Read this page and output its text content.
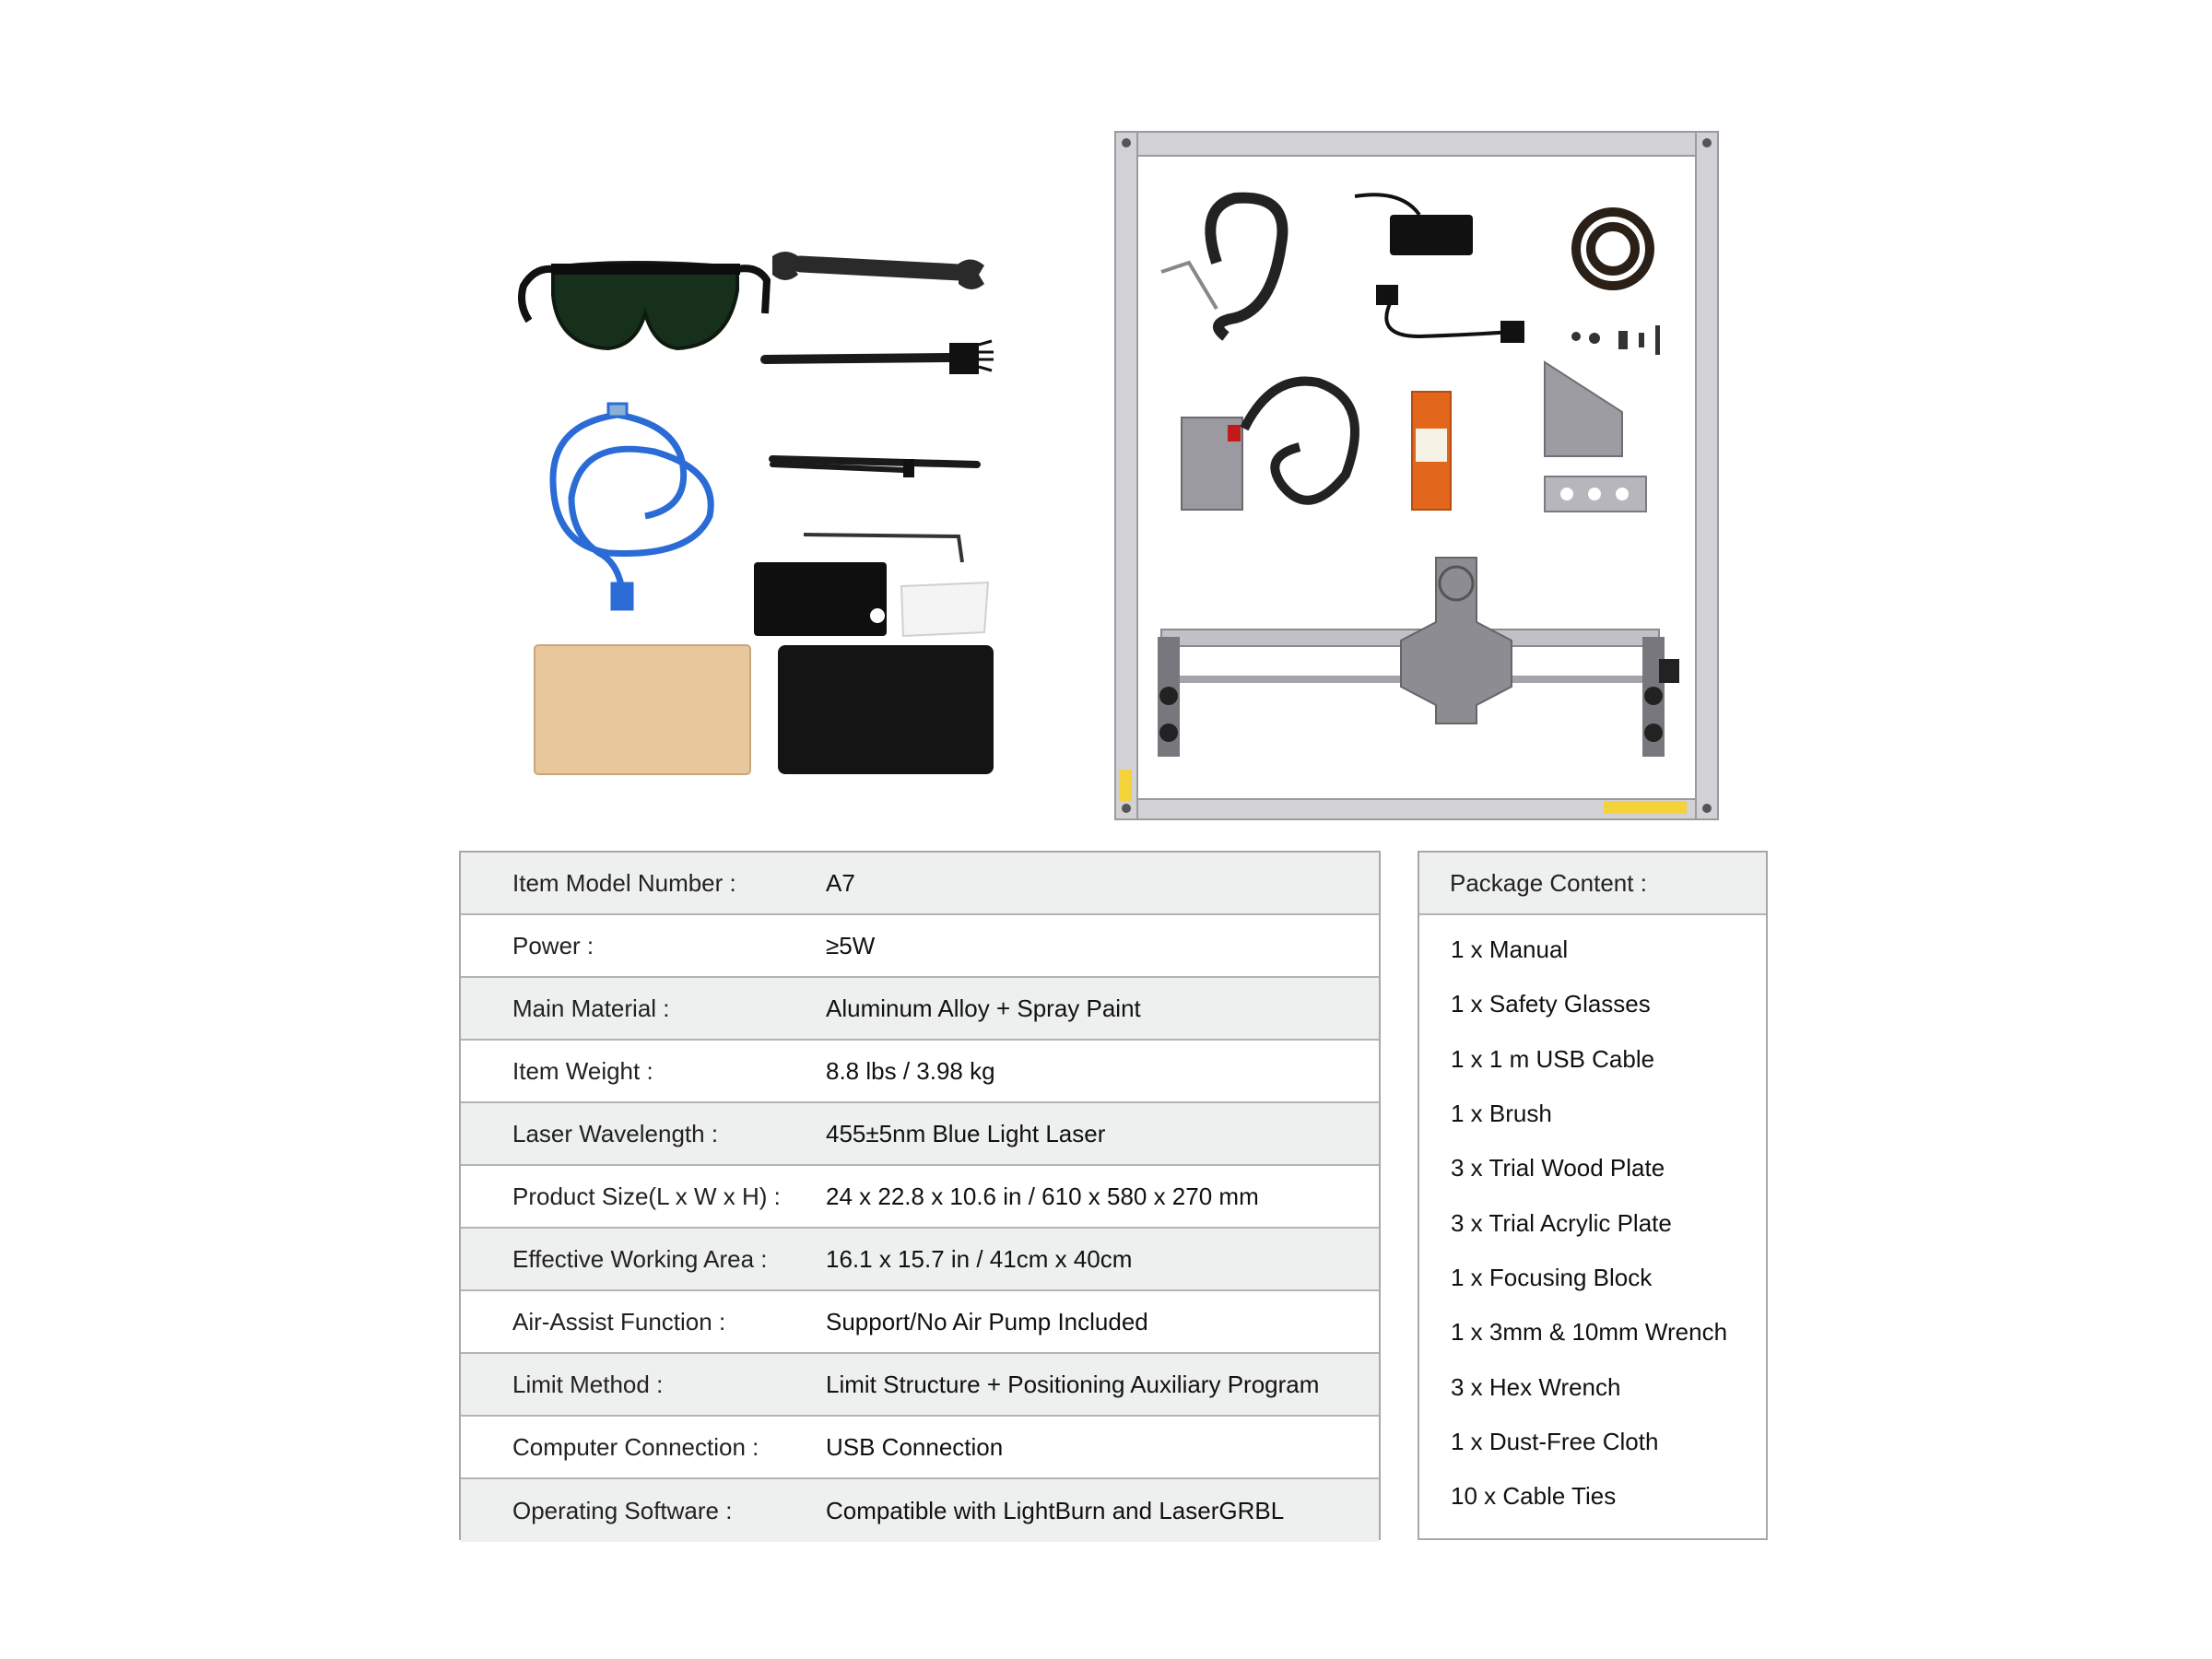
Item Model Number :	A7
Power :	≥5W
Main Material :	Aluminum Alloy + Spray Paint
Item Weight :	8.8 lbs / 3.98 kg
Laser Wavelength :	455±5nm Blue Light Laser
Product Size(L x W x H) :	24 x 22.8 x 10.6 in / 610 x 580 x 270 mm
Effective Working Area :	16.1 x 15.7 in / 41cm x 40cm
Air-Assist Function :	Support/No Air Pump Included
Limit Method :	Limit Structure + Positioning Auxiliary Program
Computer Connection :	USB Connection
Operating Software :	Compatible with LightBurn and LaserGRBL
Package Content :
1 x Manual
1 x Safety Glasses
1 x 1 m USB Cable
1 x Brush
3 x Trial Wood Plate
3 x Trial Acrylic Plate
1 x Focusing Block
1 x 3mm & 10mm Wrench
3 x Hex Wrench
1 x Dust-Free Cloth
10 x Cable Ties
